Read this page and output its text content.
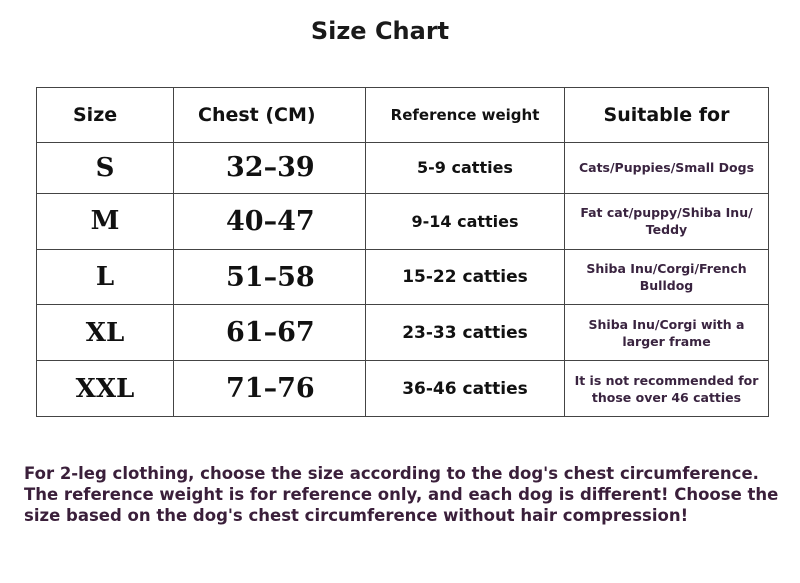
Size Chart
Size	Chest (CM)	Reference weight	Suitable for
S	32–39	5-9 catties	Cats/Puppies/Small Dogs
M	40–47	9-14 catties	Fat cat/puppy/Shiba Inu/
Teddy

L	51–58	15-22 catties	Shiba Inu/Corgi/French
Bulldog

XL	61–67	23-33 catties	Shiba Inu/Corgi with a
larger frame

XXL	71–76	36-46 catties	It is not recommended for
those over 46 catties
For 2-leg clothing, choose the size according to the dog's chest circumference.
The reference weight is for reference only, and each dog is different! Choose the
size based on the dog's chest circumference without hair compression!
